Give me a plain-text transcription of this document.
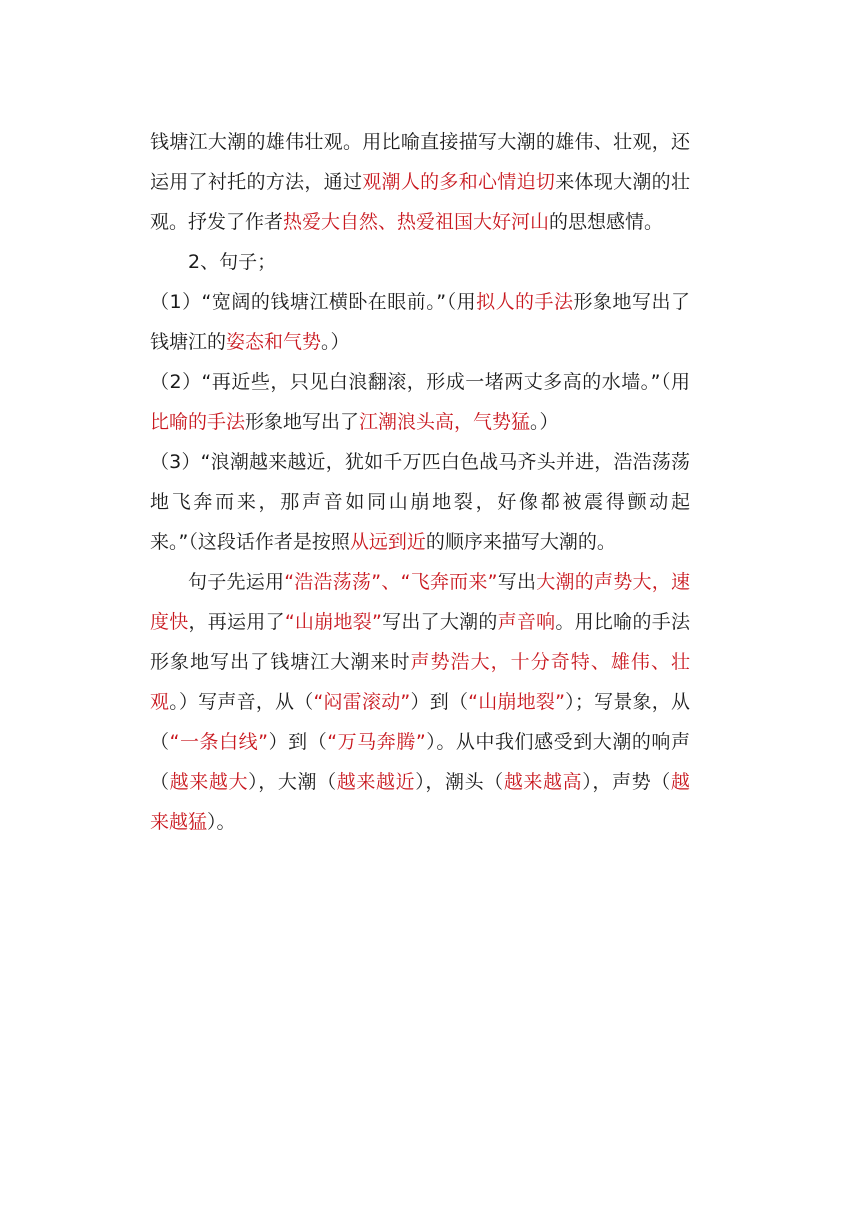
钱塘江大潮的雄伟壮观。用比喻直接描写大潮的雄伟、壮观，还运用了衬托的方法，通过观潮人的多和心情迫切来体现大潮的壮观。抒发了作者热爱大自然、热爱祖国大好河山的思想感情。

2、句子；

（1）“宽阔的钱塘江横卧在眼前。”（用拟人的手法形象地写出了钱塘江的姿态和气势。）

（2）“再近些，只见白浪翻滚，形成一堵两丈多高的水墙。”（用比喻的手法形象地写出了江潮浪头高，气势猛。）

（3）“浪潮越来越近，犹如千万匹白色战马齐头并进，浩浩荡荡地飞奔而来，那声音如同山崩地裂，好像都被震得颤动起来。”（这段话作者是按照从远到近的顺序来描写大潮的。

句子先运用“浩浩荡荡”、“飞奔而来”写出大潮的声势大，速度快，再运用了“山崩地裂”写出了大潮的声音响。用比喻的手法形象地写出了钱塘江大潮来时声势浩大，十分奇特、雄伟、壮观。）写声音，从（“闷雷滚动”）到（“山崩地裂”）；写景象，从（“一条白线”）到（“万马奔腾”）。从中我们感受到大潮的响声（越来越大），大潮（越来越近），潮头（越来越高），声势（越来越猛）。
